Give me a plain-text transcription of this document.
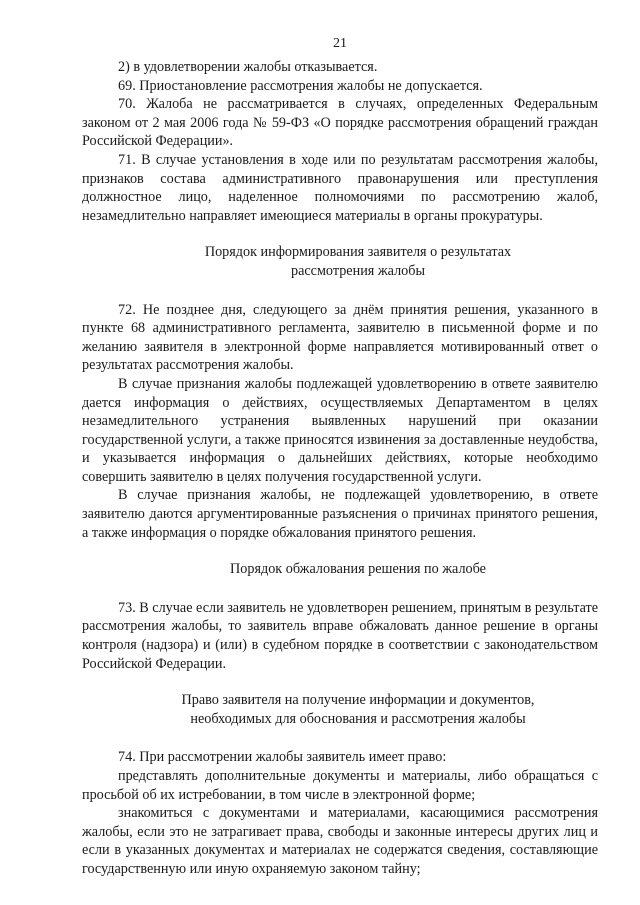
21

2) в удовлетворении жалобы отказывается.

69. Приостановление рассмотрения жалобы не допускается.

70. Жалоба не рассматривается в случаях, определенных Федеральным законом от 2 мая 2006 года № 59-ФЗ «О порядке рассмотрения обращений граждан Российской Федерации».

71. В случае установления в ходе или по результатам рассмотрения жалобы, признаков состава административного правонарушения или преступления должностное лицо, наделенное полномочиями по рассмотрению жалоб, незамедлительно направляет имеющиеся материалы в органы прокуратуры.

Порядок информирования заявителя о результатах
рассмотрения жалобы

72. Не позднее дня, следующего за днём принятия решения, указанного в пункте 68 административного регламента, заявителю в письменной форме и по желанию заявителя в электронной форме направляется мотивированный ответ о результатах рассмотрения жалобы.

В случае признания жалобы подлежащей удовлетворению в ответе заявителю дается информация о действиях, осуществляемых Департаментом в целях незамедлительного устранения выявленных нарушений при оказании государственной услуги, а также приносятся извинения за доставленные неудобства, и указывается информация о дальнейших действиях, которые необходимо совершить заявителю в целях получения государственной услуги.

В случае признания жалобы, не подлежащей удовлетворению, в ответе заявителю даются аргументированные разъяснения о причинах принятого решения, а также информация о порядке обжалования принятого решения.

Порядок обжалования решения по жалобе

73. В случае если заявитель не удовлетворен решением, принятым в результате рассмотрения жалобы, то заявитель вправе обжаловать данное решение в органы контроля (надзора) и (или) в судебном порядке в соответствии с законодательством Российской Федерации.

Право заявителя на получение информации и документов,
необходимых для обоснования и рассмотрения жалобы

74. При рассмотрении жалобы заявитель имеет право:

представлять дополнительные документы и материалы, либо обращаться с просьбой об их истребовании, в том числе в электронной форме;

знакомиться с документами и материалами, касающимися рассмотрения жалобы, если это не затрагивает права, свободы и законные интересы других лиц и если в указанных документах и материалах не содержатся сведения, составляющие государственную или иную охраняемую законом тайну;
